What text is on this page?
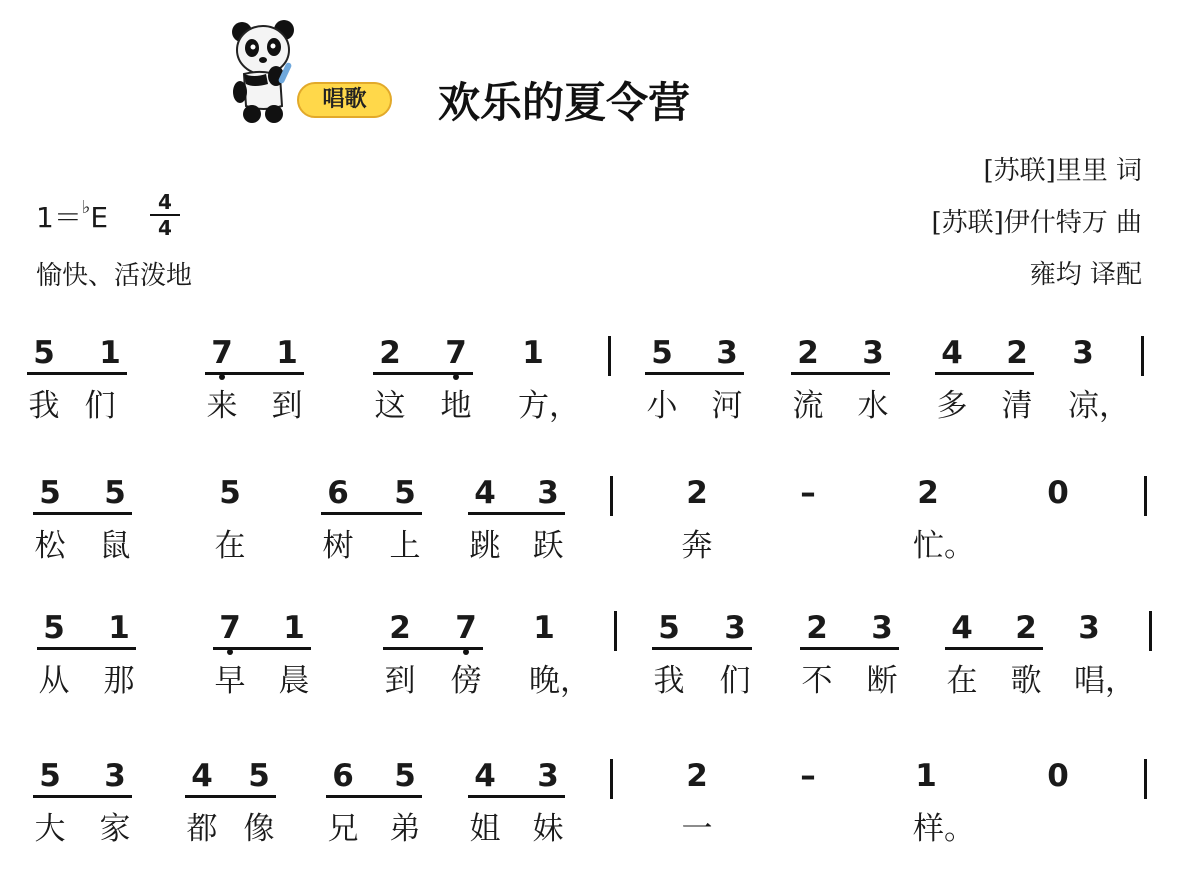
唱歌	欢乐的夏令营
[苏联]里里 词
[苏联]伊什特万 曲
雍均 译配
1＝♭E	4
4
愉快、活泼地
5 1	7 1	2 7 1	5 3 2 3 4 2 3
我 们	来 到 这 地 方， 小 河 流 水 多 清 凉，
5 5	5	6 5 4 3	2	–	2	0
松 鼠	在 树 上 跳 跃	奔	忙。
5 1	7 1	2 7 1	5 3 2 3 4 2 3
从 那	早 晨 到 傍 晚， 我 们 不 断 在 歌 唱，
5 3 4 5 6 5 4 3	2	–	1	0
大 家 都 像 兄 弟 姐 妹	一	样。
